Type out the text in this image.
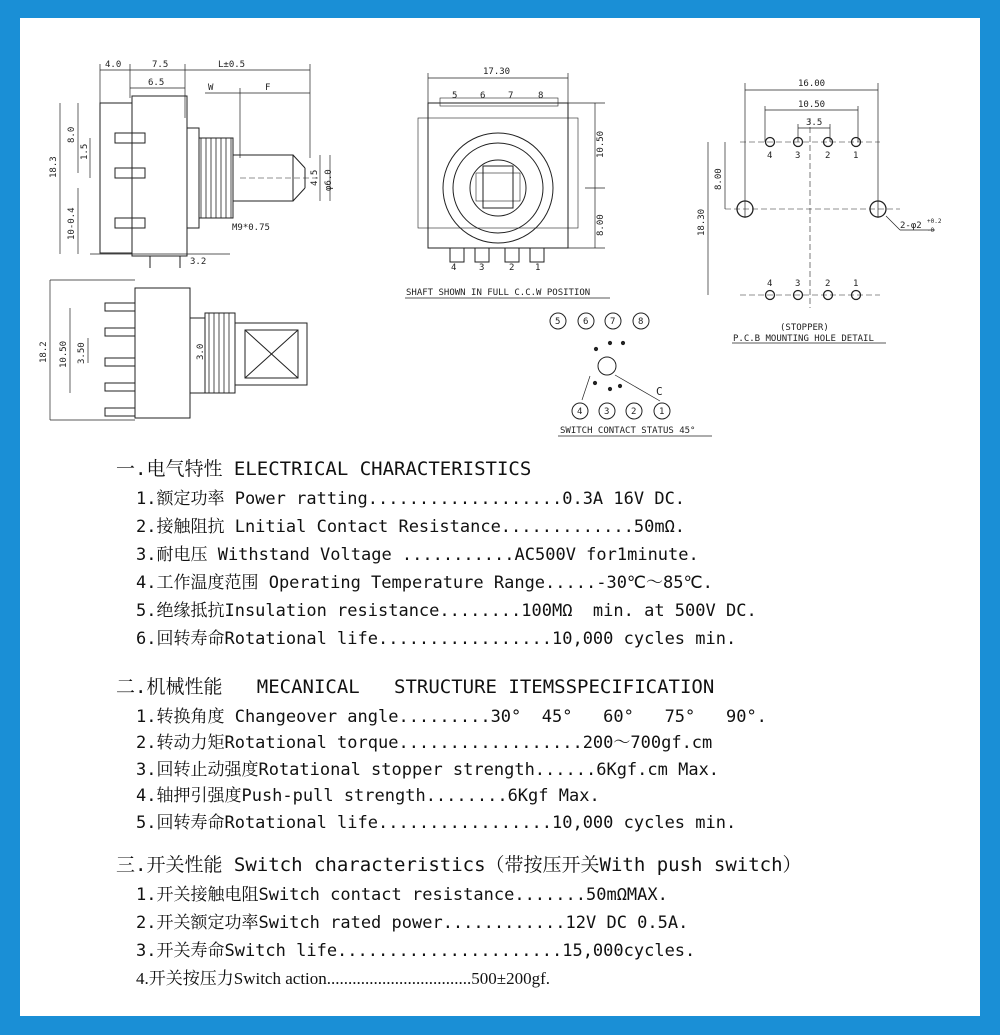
4.0	7.5	L±0.5
6.5	W	F
18.3
8.0
1.5
10-0.4	M9*0.75
φ6.0
4.5
3.2
18.2 10.50 3.50	3.0
17.30
10.50
8.00
5	6	7	8
4	3	2 1
SHAFT SHOWN IN FULL C.C.W POSITION
5	6 7	8
4 3 2	1
C
SWITCH CONTACT STATUS 45°
16.00
10.50
3.5
18.30
8.00
2-φ2 +0.2
-0
4	3	2	1
4	3	2	1
(STOPPER)
P.C.B MOUNTING HOLE DETAIL
一.电气特性 ELECTRICAL CHARACTERISTICS
1.额定功率 Power ratting...................0.3A 16V DC.
2.接触阻抗 Lnitial Contact Resistance.............50mΩ.
3.耐电压 Withstand Voltage ...........AC500V for1minute.
4.工作温度范围 Operating Temperature Range.....-30℃～85℃.
5.绝缘抵抗Insulation resistance........100MΩ  min. at 500V DC.
6.回转寿命Rotational life.................10,000 cycles min.
二.机械性能   MECANICAL   STRUCTURE ITEMSSPECIFICATION
1.转换角度 Changeover angle.........30°  45°   60°   75°   90°.
2.转动力矩Rotational torque..................200～700gf.cm
3.回转止动强度Rotational stopper strength......6Kgf.cm Max.
4.轴押引强度Push-pull strength........6Kgf Max.
5.回转寿命Rotational life.................10,000 cycles min.
三.开关性能 Switch characteristics（带按压开关With push switch）
1.开关接触电阻Switch contact resistance.......50mΩMAX.
2.开关额定功率Switch rated power............12V DC 0.5A.
3.开关寿命Switch life......................15,000cycles.
4.开关按压力Switch action..................................500±200gf.
